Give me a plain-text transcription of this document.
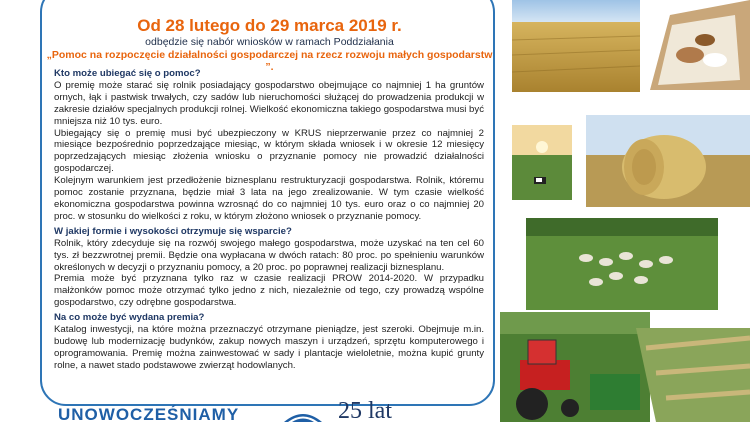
Od 28 lutego do 29 marca 2019 r.
odbędzie się nabór wniosków w ramach Poddziałania
„Pomoc na rozpoczęcie działalności gospodarczej na rzecz rozwoju małych gospodarstw ”.

Kto może ubiegać się o pomoc?

O premię może starać się rolnik posiadający gospodarstwo obejmujące co najmniej 1 ha gruntów ornych, łąk i pastwisk trwałych, czy sadów lub nieruchomości służącej do prowadzenia produkcji w zakresie działów specjalnych produkcji rolnej. Wielkość ekonomiczna takiego gospodarstwa musi być mniejsza niż 10 tys. euro.

Ubiegający się o premię musi być ubezpieczony w KRUS nieprzerwanie przez co najmniej 2 miesiące bezpośrednio poprzedzające miesiąc, w którym składa wniosek i w okresie 12 miesięcy poprzedzających miesiąc złożenia wniosku o przyznanie pomocy nie prowadzić działalności gospodarczej.

Kolejnym warunkiem jest przedłożenie biznesplanu restrukturyzacji gospodarstwa. Rolnik, któremu pomoc zostanie przyznana, będzie miał 3 lata na jego zrealizowanie. W tym czasie wielkość ekonomiczna gospodarstwa powinna wzrosnąć do co najmniej 10 tys. euro oraz o co najmniej 20 proc. w stosunku do wielkości z roku, w którym złożono wniosek o przyznanie pomocy.

W jakiej formie i wysokości otrzymuje się wsparcie?

Rolnik, który zdecyduje się na rozwój swojego małego gospodarstwa, może uzyskać na ten cel 60 tys. zł bezzwrotnej premii. Będzie ona wypłacana w dwóch ratach: 80 proc. po spełnieniu warunków określonych w decyzji o przyznaniu pomocy, a 20 proc. po poprawnej realizacji biznesplanu.

Premia może być przyznana tylko raz w czasie realizacji PROW 2014-2020. W przypadku małżonków pomoc może otrzymać tylko jedno z nich, niezależnie od tego, czy prowadzą wspólne gospodarstwo, czy odrębne gospodarstwa.

Na co może być wydana premia?

Katalog inwestycji, na które można przeznaczyć otrzymane pieniądze, jest szeroki. Obejmuje m.in. budowę lub modernizację budynków, zakup nowych maszyn i urządzeń, sprzętu komputerowego i oprogramowania. Premię można zainwestować w sady i plantacje wieloletnie, można kupić grunty rolne, a nawet stado podstawowe zwierząt hodowlanych.

UNOWOCZEŚNIAMY	25 lat
